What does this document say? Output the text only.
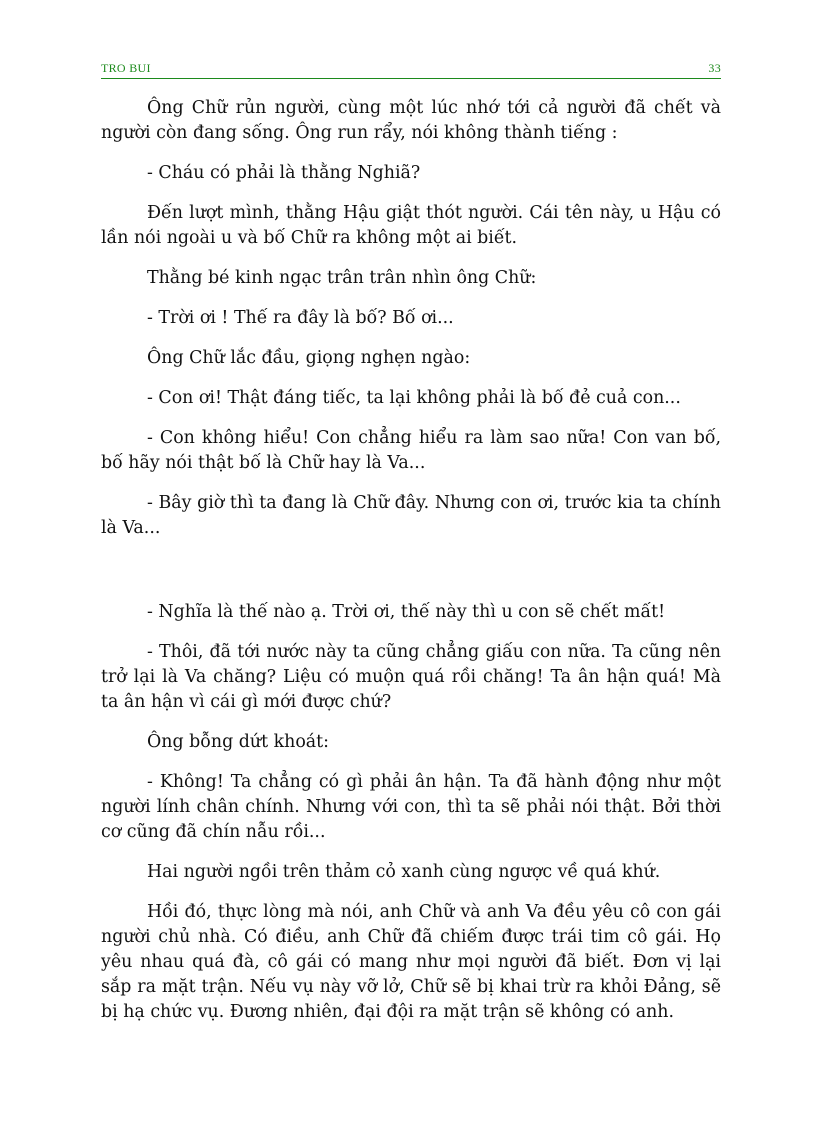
TRO BUI	33

Ông Chữ rủn người, cùng một lúc nhớ tới cả người đã chết và người còn đang sống. Ông run rẩy, nói không thành tiếng :

- Cháu có phải là thằng Nghiã?

Đến lượt mình, thằng Hậu giật thót người. Cái tên này, u Hậu có lần nói ngoài u và bố Chữ ra không một ai biết.

Thằng bé kinh ngạc trân trân nhìn ông Chữ:

- Trời ơi ! Thế ra đây là bố? Bố ơi...

Ông Chữ lắc đầu, giọng nghẹn ngào:

- Con ơi! Thật đáng tiếc, ta lại không phải là bố đẻ cuả con...

- Con không hiểu! Con chẳng hiểu ra làm sao nữa! Con van bố, bố hãy nói thật bố là Chữ hay là Va...

- Bây giờ thì ta đang là Chữ đây. Nhưng con ơi, trước kia ta chính là Va...

- Nghĩa là thế nào ạ. Trời ơi, thế này thì u con sẽ chết mất!

- Thôi, đã tới nước này ta cũng chẳng giấu con nữa. Ta cũng nên trở lại là Va chăng? Liệu có muộn quá rồi chăng! Ta ân hận quá! Mà ta ân hận vì cái gì mới được chứ?

Ông bỗng dứt khoát:

- Không! Ta chẳng có gì phải ân hận. Ta đã hành động như một người lính chân chính. Nhưng với con, thì ta sẽ phải nói thật. Bởi thời cơ cũng đã chín nẫu rồi...

Hai người ngồi trên thảm cỏ xanh cùng ngược về quá khứ.

Hồi đó, thực lòng mà nói, anh Chữ và anh Va đều yêu cô con gái người chủ nhà. Có điều, anh Chữ đã chiếm được trái tim cô gái. Họ yêu nhau quá đà, cô gái có mang như mọi người đã biết. Đơn vị lại sắp ra mặt trận. Nếu vụ này vỡ lở, Chữ sẽ bị khai trừ ra khỏi Đảng, sẽ bị hạ chức vụ. Đương nhiên, đại đội ra mặt trận sẽ không có anh.
